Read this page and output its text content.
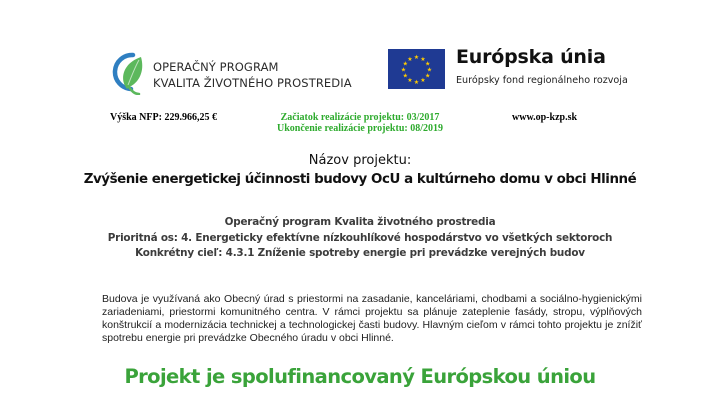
OPERAČNÝ PROGRAM
KVALITA ŽIVOTNÉHO PROSTREDIA
★ ★
★
★
★
★
★
★
★
★
★
★ Európska únia
Európsky fond regionálneho rozvoja
Výška NFP: 229.966,25 €	Začiatok realizácie projektu: 03/2017
Ukončenie realizácie projektu: 08/2019
www.op-kzp.sk
Názov projektu:
Zvýšenie energetickej účinnosti budovy OcU a kultúrneho domu v obci Hlinné
Operačný program Kvalita životného prostredia
Prioritná os: 4. Energeticky efektívne nízkouhlíkové hospodárstvo vo všetkých sektoroch
Konkrétny cieľ: 4.3.1 Zníženie spotreby energie pri prevádzke verejných budov
Budova je využívaná ako Obecný úrad s priestormi na zasadanie, kanceláriami, chodbami a sociálno-hygienickými zariadeniami, priestormi komunitného centra. V rámci projektu sa plánuje zateplenie fasády, stropu, výplňových konštrukcií a modernizácia technickej a technologickej časti budovy. Hlavným cieľom v rámci tohto projektu je znížiť spotrebu energie pri prevádzke Obecného úradu v obci Hlinné.
Projekt je spolufinancovaný Európskou úniou
